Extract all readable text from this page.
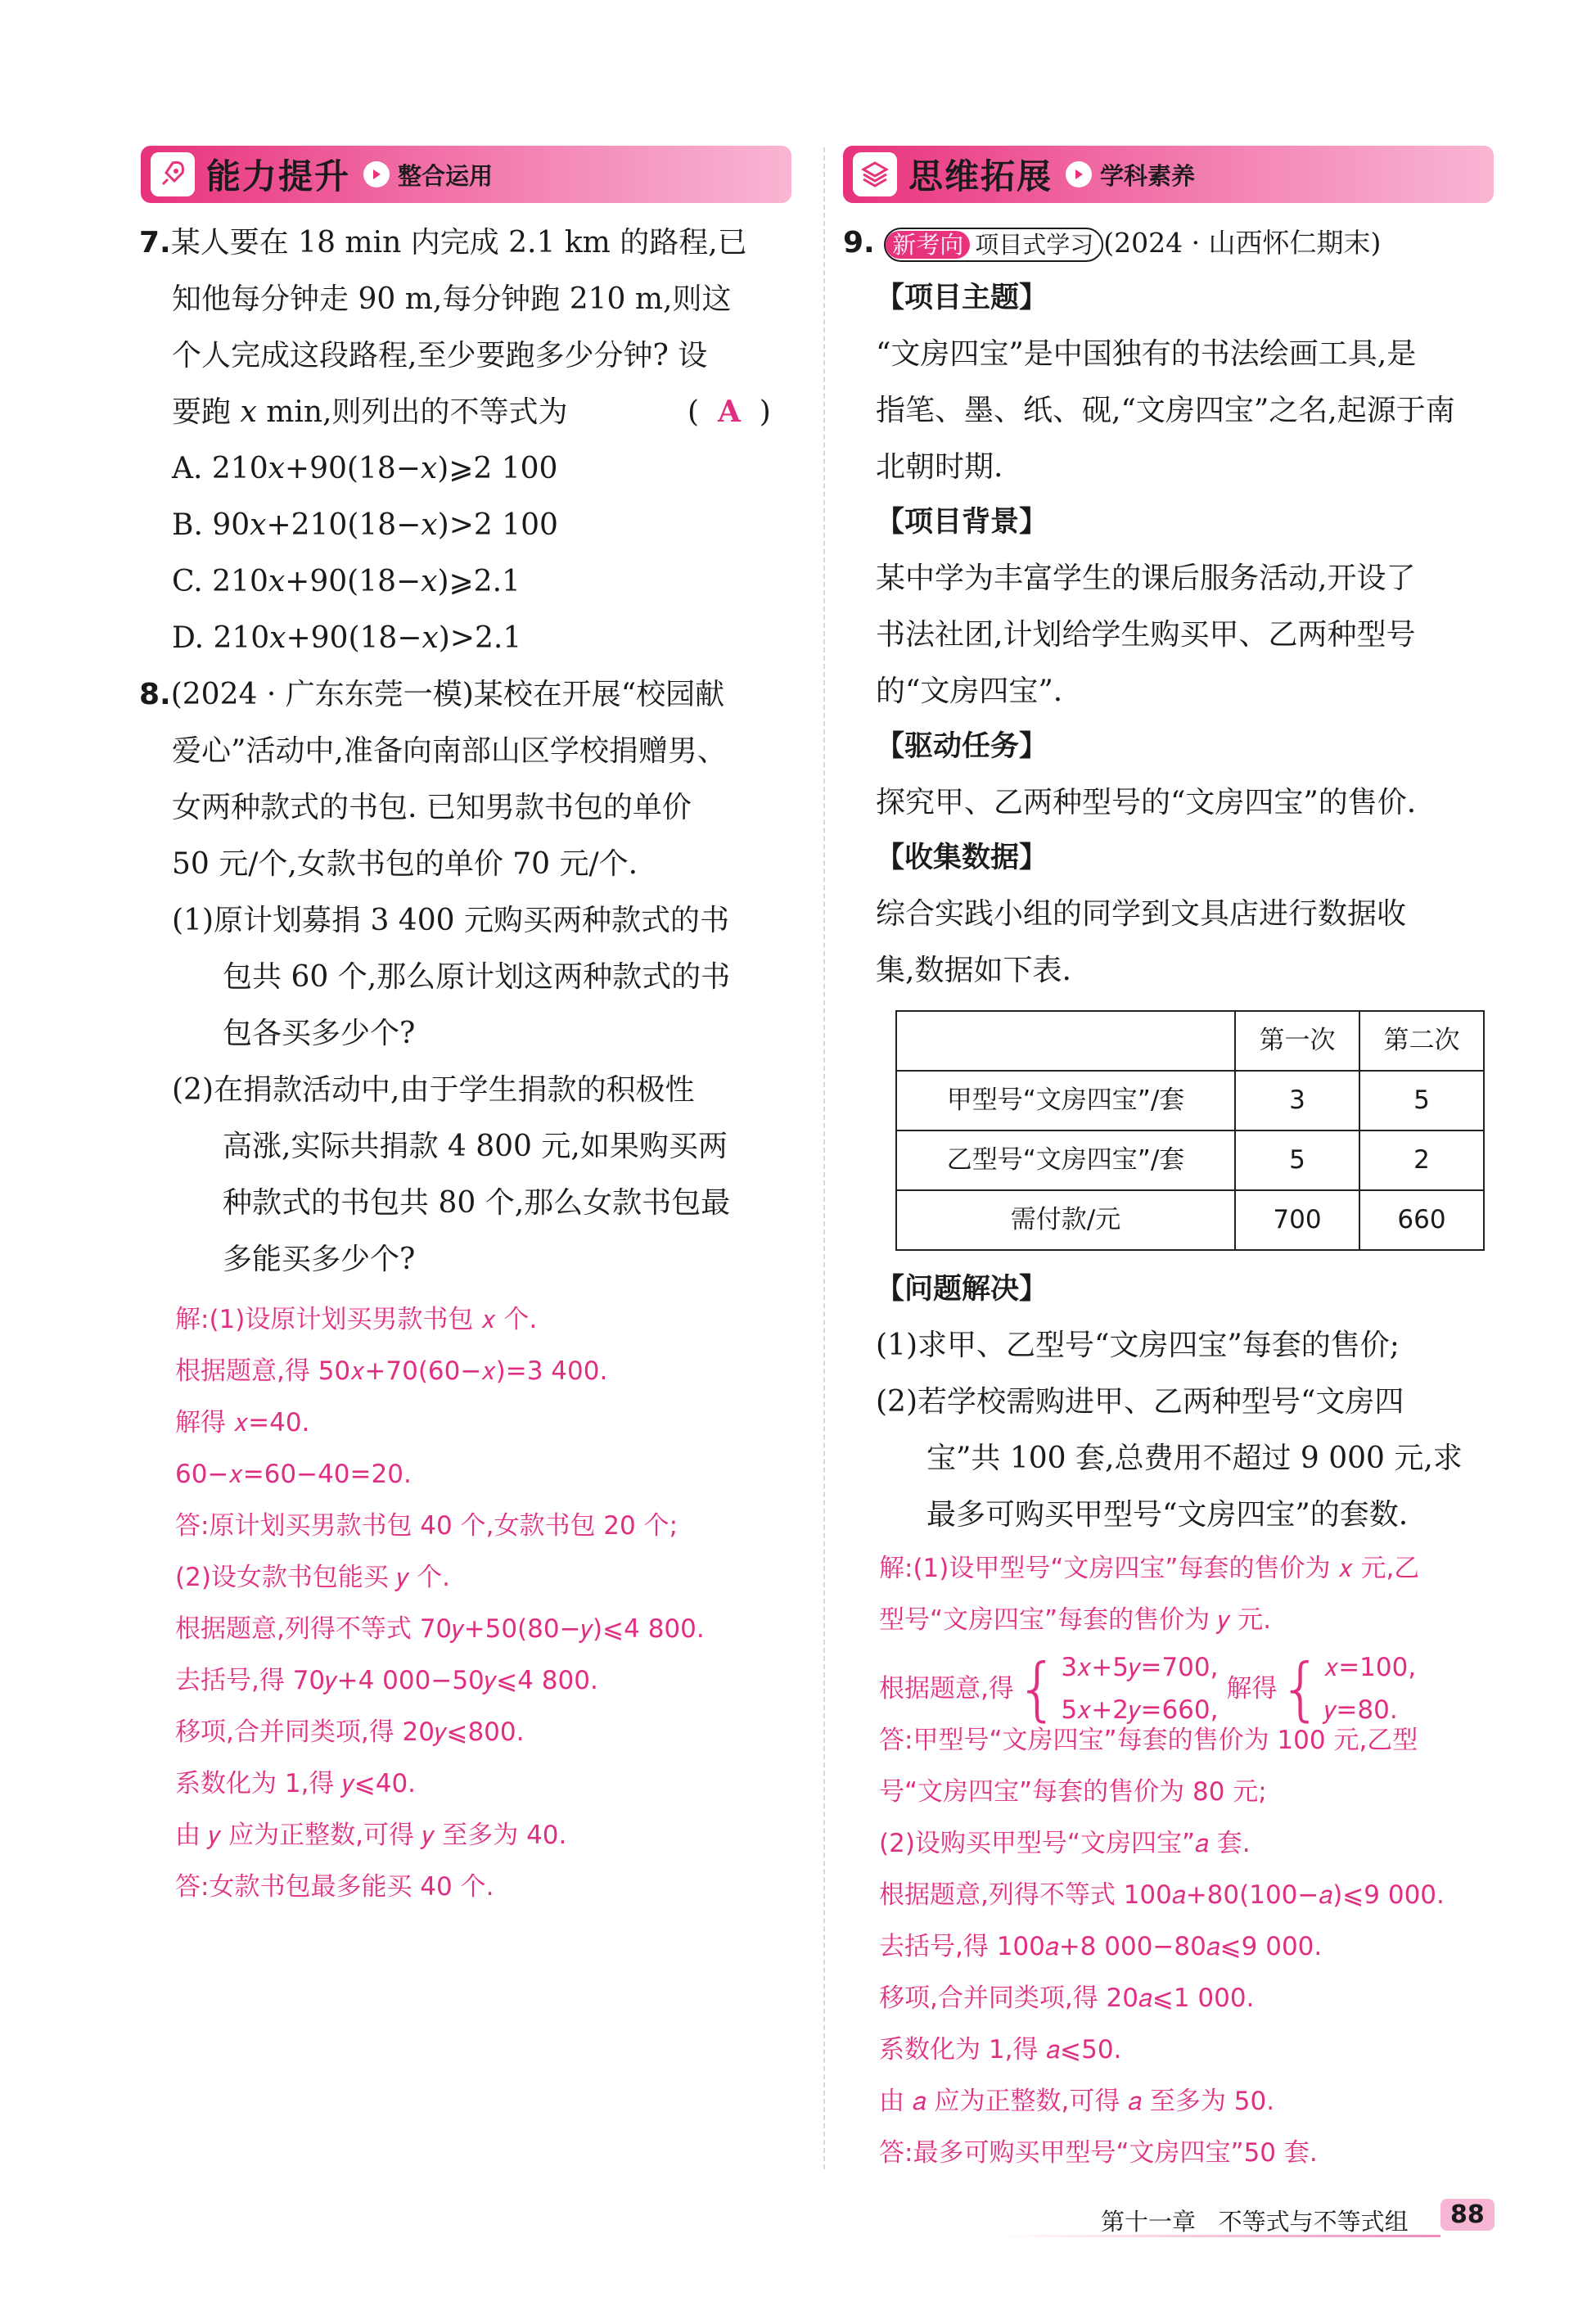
能力提升 整合运用	思维拓展 学科素养
7.某人要在 18 min 内完成 2.1 km 的路程,已
知他每分钟走 90 m,每分钟跑 210 m,则这
个人完成这段路程,至少要跑多少分钟? 设
要跑 𝑥 min,则列出的不等式为	( A )
A. 210𝑥+90(18−𝑥)⩾2 100
B. 90𝑥+210(18−𝑥)>2 100
C. 210𝑥+90(18−𝑥)⩾2.1
D. 210𝑥+90(18−𝑥)>2.1
8.(2024 · 广东东莞一模)某校在开展“校园献
爱心”活动中,准备向南部山区学校捐赠男、
女两种款式的书包. 已知男款书包的单价
50 元/个,女款书包的单价 70 元/个.
(1)原计划募捐 3 400 元购买两种款式的书
包共 60 个,那么原计划这两种款式的书
包各买多少个?
(2)在捐款活动中,由于学生捐款的积极性
高涨,实际共捐款 4 800 元,如果购买两
种款式的书包共 80 个,那么女款书包最
多能买多少个?
解:(1)设原计划买男款书包 𝑥 个.
根据题意,得 50𝑥+70(60−𝑥)=3 400.
解得 𝑥=40.
60−𝑥=60−40=20.
答:原计划买男款书包 40 个,女款书包 20 个;
(2)设女款书包能买 𝑦 个.
根据题意,列得不等式 70𝑦+50(80−𝑦)⩽4 800.
去括号,得 70𝑦+4 000−50𝑦⩽4 800.
移项,合并同类项,得 20𝑦⩽800.
系数化为 1,得 𝑦⩽40.
由 𝑦 应为正整数,可得 𝑦 至多为 40.
答:女款书包最多能买 40 个.
9. 新考向 项目式学习 (2024 · 山西怀仁期末)
【项目主题】
“文房四宝”是中国独有的书法绘画工具,是
指笔、墨、纸、砚,“文房四宝”之名,起源于南
北朝时期.
【项目背景】
某中学为丰富学生的课后服务活动,开设了
书法社团,计划给学生购买甲、乙两种型号
的“文房四宝”.
【驱动任务】
探究甲、乙两种型号的“文房四宝”的售价.
【收集数据】
综合实践小组的同学到文具店进行数据收
集,数据如下表.
	第一次	第二次
甲型号“文房四宝”/套	3	5
乙型号“文房四宝”/套	5	2
需付款/元	700	660
【问题解决】
(1)求甲、乙型号“文房四宝”每套的售价;
(2)若学校需购进甲、乙两种型号“文房四
宝”共 100 套,总费用不超过 9 000 元,求
最多可购买甲型号“文房四宝”的套数.
解:(1)设甲型号“文房四宝”每套的售价为 𝑥 元,乙
型号“文房四宝”每套的售价为 𝑦 元.
根据题意,得{ 3𝑥+5𝑦=700,
5𝑥+2𝑦=660,
解得{ 𝑥=100,
𝑦=80.
答:甲型号“文房四宝”每套的售价为 100 元,乙型
号“文房四宝”每套的售价为 80 元;
(2)设购买甲型号“文房四宝”𝑎 套.
根据题意,列得不等式 100𝑎+80(100−𝑎)⩽9 000.
去括号,得 100𝑎+8 000−80𝑎⩽9 000.
移项,合并同类项,得 20𝑎⩽1 000.
系数化为 1,得 𝑎⩽50.
由 𝑎 应为正整数,可得 𝑎 至多为 50.
答:最多可购买甲型号“文房四宝”50 套.
第十一章 不等式与不等式组	88
